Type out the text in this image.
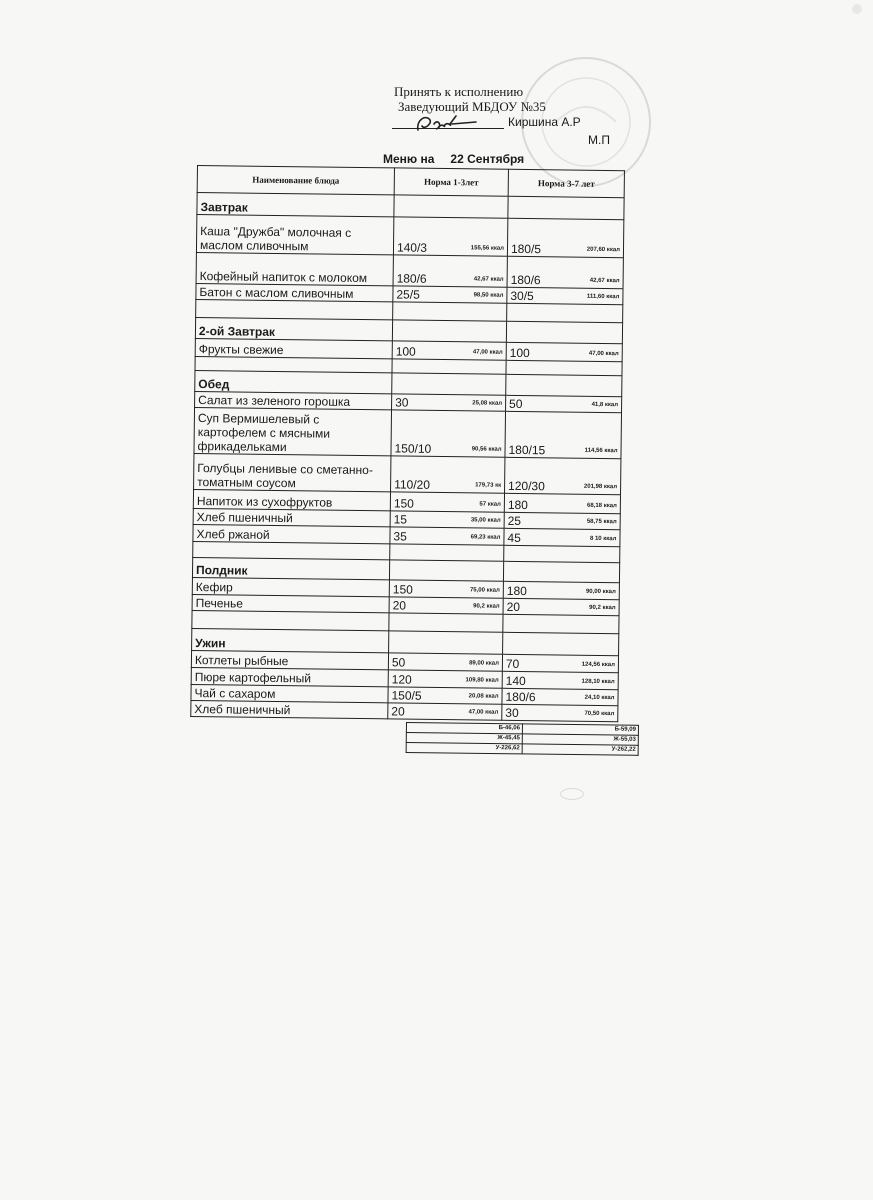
Принять к исполнению
Заведующий МБДОУ №35
Киршина А.Р
М.П
Меню на 22 Сентября
Наименование блюда	Норма 1-3лет	Норма 3-7 лет
Завтрак	

Каша "Дружба" молочная с маслом сливочным	140/3 155,56 ккал	180/5 207,60 ккал

Кофейный напиток с молоком	180/6 42,67 ккал	180/6 42,67 ккал

Батон с маслом сливочным	25/5 98,50 ккал	30/5 111,60 ккал

2-ой Завтрак	

Фрукты свежие	100 47,00 ккал	100 47,00 ккал

Обед	

Салат из зеленого горошка	30 25,08 ккал	50 41,8 ккал

Суп Вермишелевый с картофелем с мясными фрикадельками	150/10 90,56 ккал	180/15 114,56 ккал

Голубцы ленивые со сметанно-томатным соусом	110/20 179,73 кк	120/30 201,98 ккал

Напиток из сухофруктов	150 57 ккал	180 68,18 ккал

Хлеб пшеничный	15 35,00 ккал	25 58,75 ккал

Хлеб ржаной	35 69,23 ккал	45 8 10 ккал

Полдник	

Кефир	150 75,00 ккал	180 90,00 ккал

Печенье	20 90,2 ккал	20 90,2 ккал

Ужин	

Котлеты рыбные	50 89,00 ккал	70 124,56 ккал

Пюре картофельный	120 109,80 ккал	140 128,10 ккал

Чай с сахаром	150/5 20,08 ккал	180/6 24,10 ккал

Хлеб пшеничный	20 47,00 ккал	30 70,50 ккал
Б-46,06	Б-59,09
Ж-45,45	Ж-55,03
У-226,62	У-262,22
